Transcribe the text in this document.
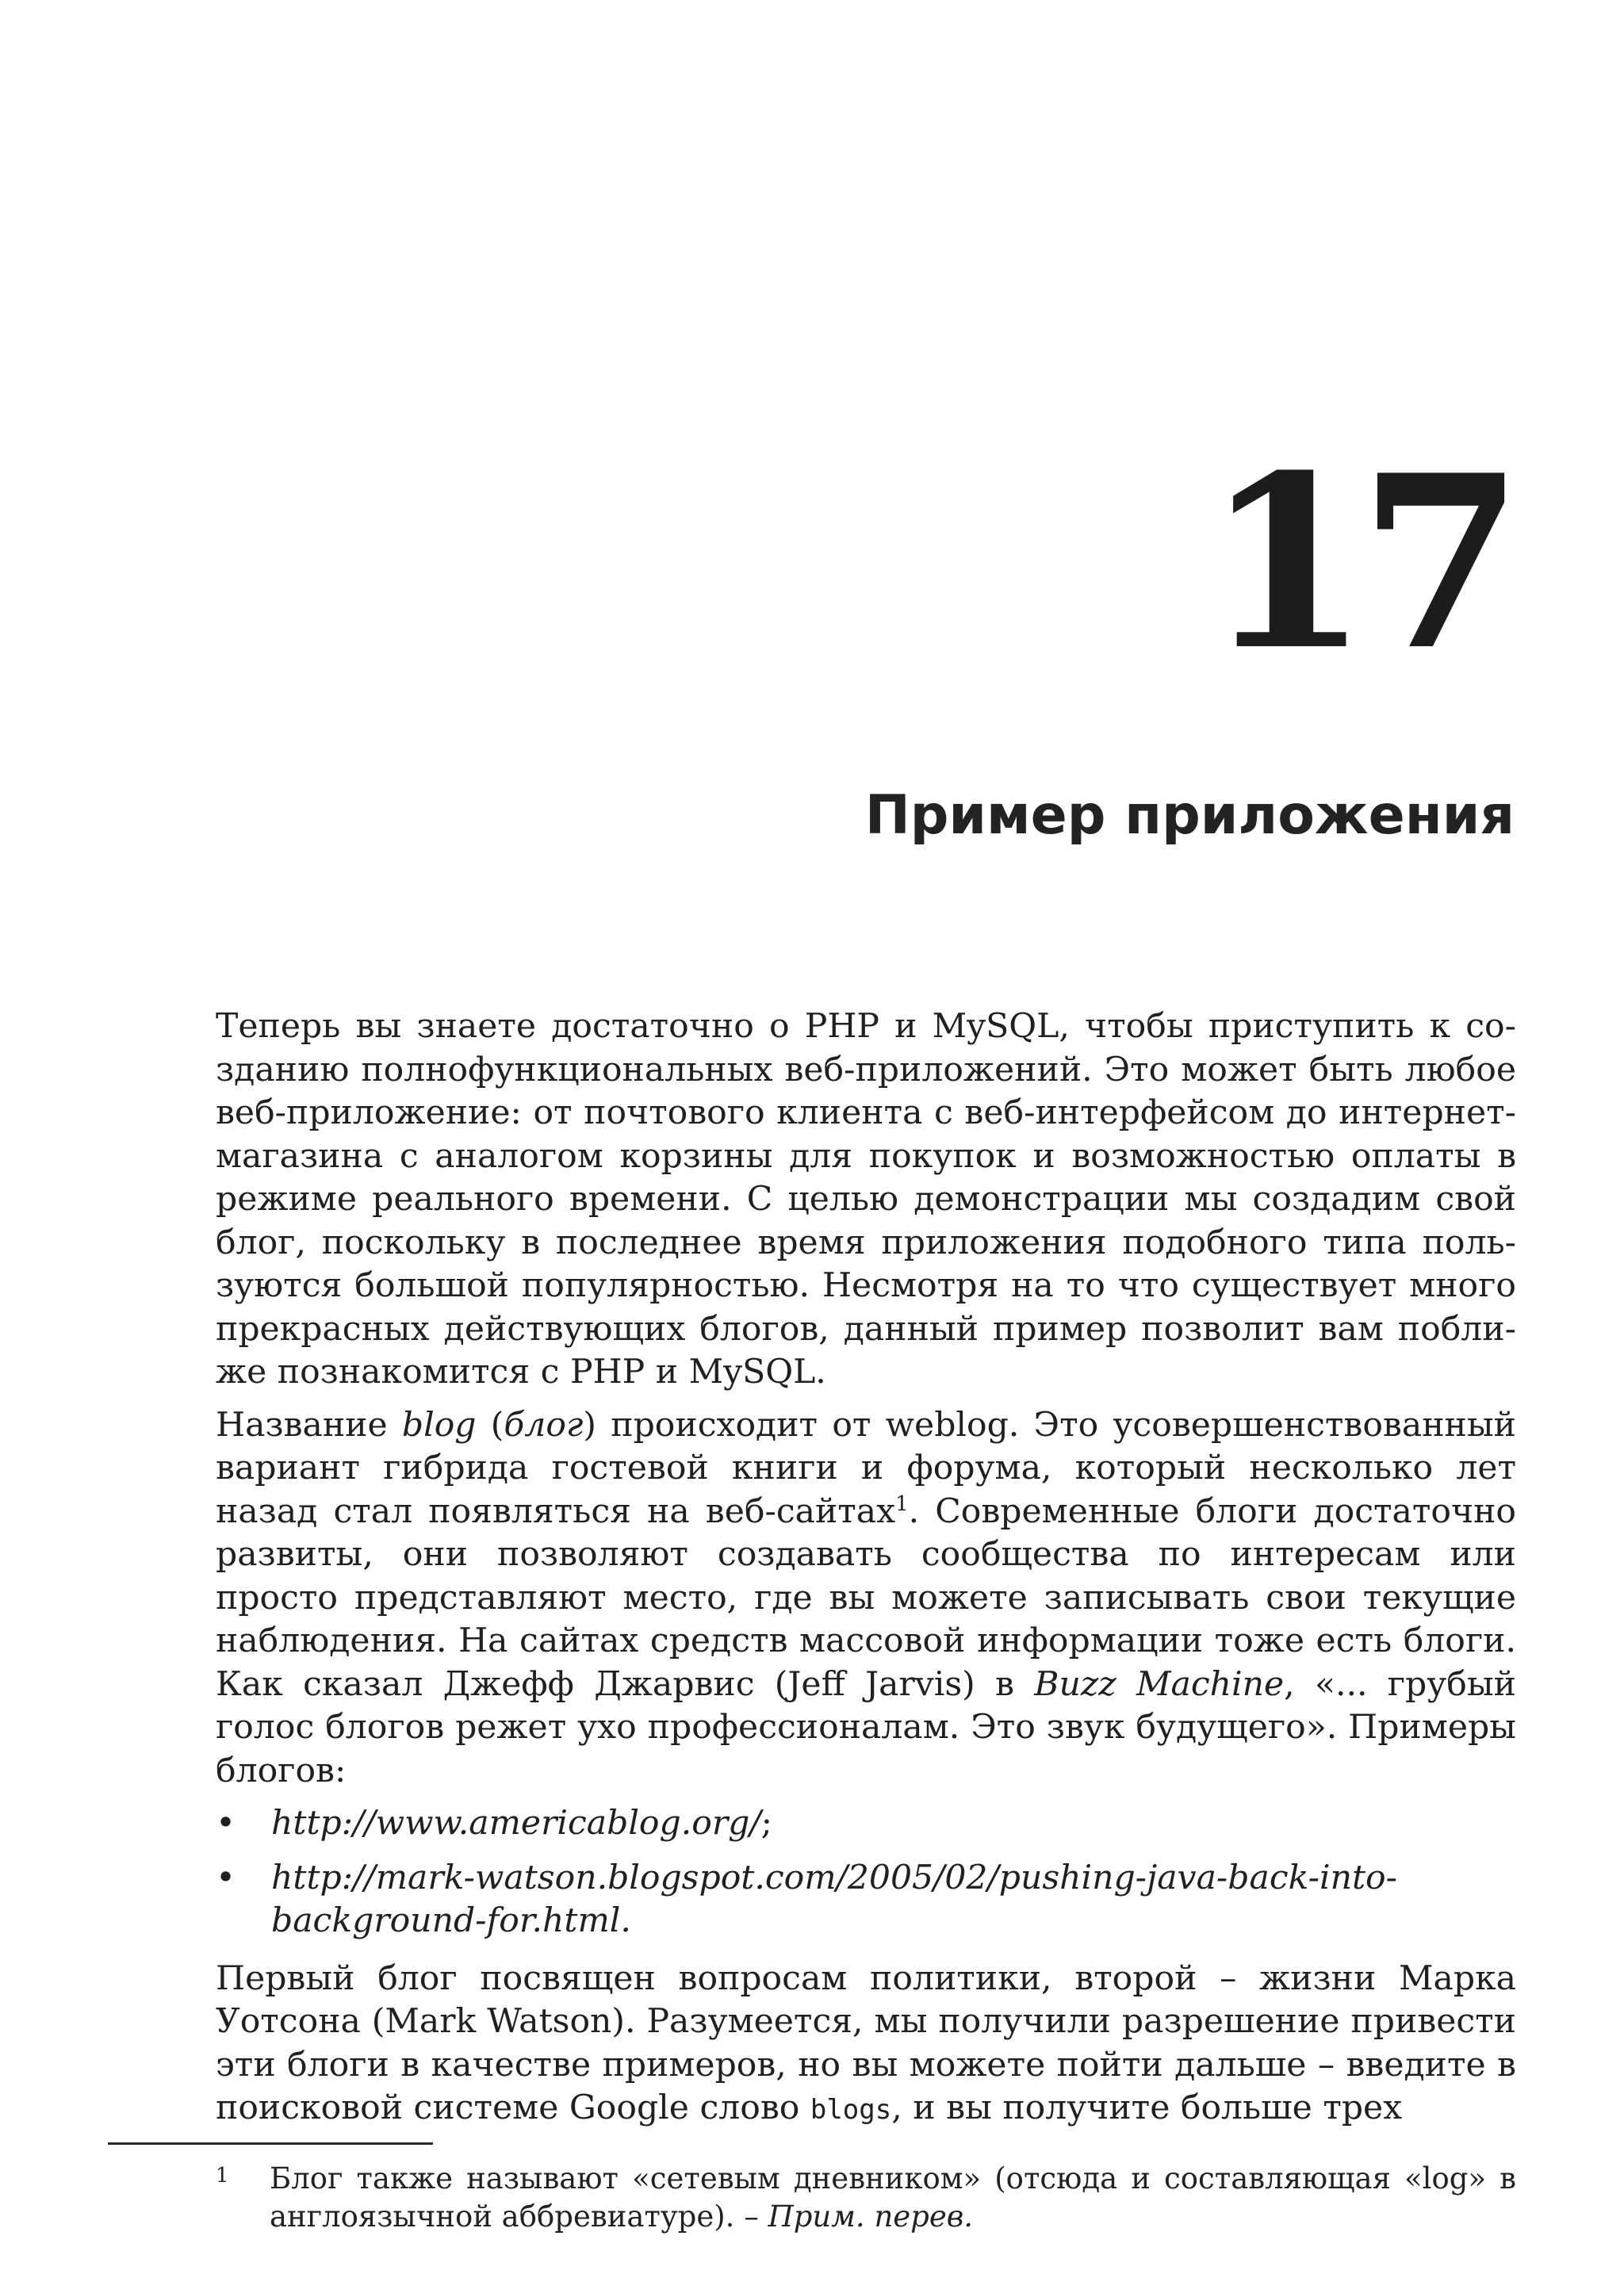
17
Пример приложения

Теперь вы знаете достаточно о PHP и MySQL, чтобы приступить к созданию полнофункциональных веб-приложений. Это может быть любое веб-приложение: от почтового клиента с веб-интерфейсом до интернет-магазина с аналогом корзины для покупок и возможностью оплаты в режиме реального времени. С целью демонстрации мы создадим свой блог, поскольку в последнее время приложения подобного типа пользуются большой популярностью. Несмотря на то что существует много прекрасных действующих блогов, данный пример позволит вам поближе познакомится с PHP и MySQL.

Название blog (блог) происходит от weblog. Это усовершенствованный вариант гибрида гостевой книги и форума, который несколько лет назад стал появляться на веб-сайтах$^1$. Современные блоги достаточно развиты, они позволяют создавать сообщества по интересам или просто представляют место, где вы можете записывать свои текущие наблюдения. На сайтах средств массовой информации тоже есть блоги. Как сказал Джефф Джарвис (Jeff Jarvis) в Buzz Machine, «... грубый голос блогов режет ухо профессионалам. Это звук будущего». Примеры блогов:

• http://www.americablog.org/;
• http://mark-watson.blogspot.com/2005/02/pushing-java-back-into-background-for.html.

Первый блог посвящен вопросам политики, второй – жизни Марка Уотсона (Mark Watson). Разумеется, мы получили разрешение привести эти блоги в качестве примеров, но вы можете пойти дальше – введите в поисковой системе Google слово blogs, и вы получите больше трех

1 Блог также называют «сетевым дневником» (отсюда и составляющая «log» в англоязычной аббревиатуре). – Прим. перев.
